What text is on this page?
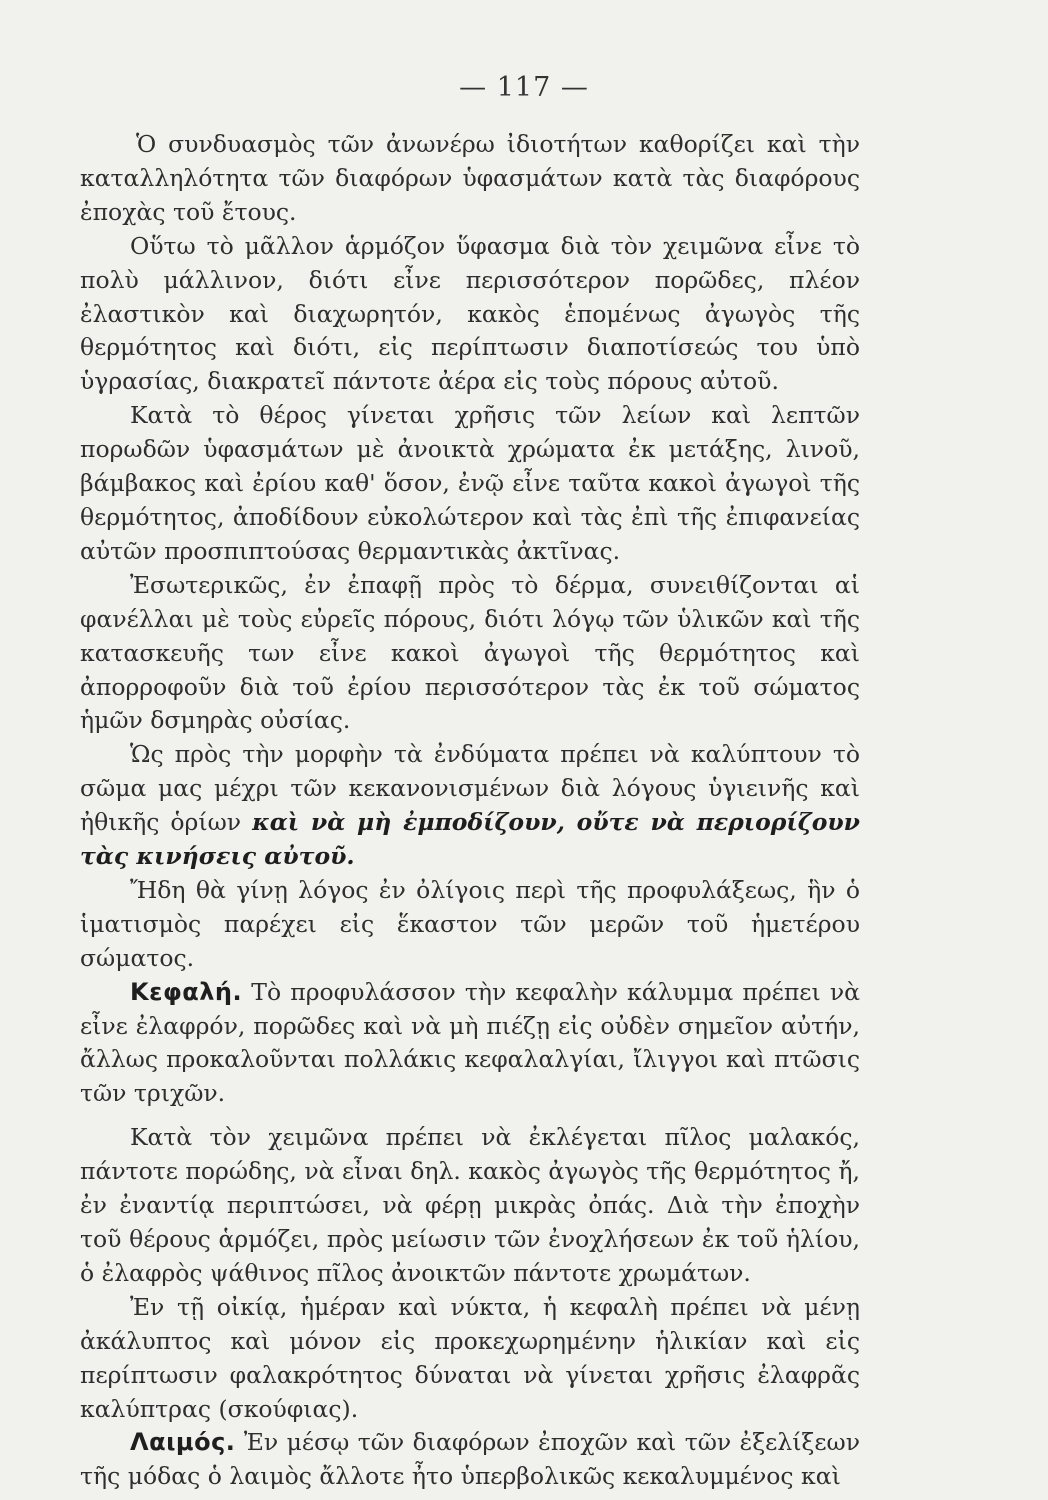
— 117 —

Ὁ συνδυασμὸς τῶν ἀνωνέρω ἰδιοτήτων καθορίζει καὶ τὴν καταλληλότητα τῶν διαφόρων ὑφασμάτων κατὰ τὰς διαφόρους ἐποχὰς τοῦ ἔτους.

Οὕτω τὸ μᾶλλον ἁρμόζον ὕφασμα διὰ τὸν χειμῶνα εἶνε τὸ πολὺ μάλλινον, διότι εἶνε περισσότερον πορῶδες, πλέον ἐλαστικὸν καὶ διαχωρητόν, κακὸς ἑπομένως ἀγωγὸς τῆς θερμότητος καὶ διότι, εἰς περίπτωσιν διαποτίσεώς του ὑπὸ ὑγρασίας, διακρατεῖ πάντοτε ἀέρα εἰς τοὺς πόρους αὐτοῦ.

Κατὰ τὸ θέρος γίνεται χρῆσις τῶν λείων καὶ λεπτῶν πορωδῶν ὑφασμάτων μὲ ἀνοικτὰ χρώματα ἐκ μετάξης, λινοῦ, βάμβακος καὶ ἐρίου καθ' ὅσον, ἐνῷ εἶνε ταῦτα κακοὶ ἀγωγοὶ τῆς θερμότητος, ἀποδίδουν εὐκολώτερον καὶ τὰς ἐπὶ τῆς ἐπιφανείας αὐτῶν προσπιπτούσας θερμαντικὰς ἀκτῖνας.

Ἐσωτερικῶς, ἐν ἐπαφῇ πρὸς τὸ δέρμα, συνειθίζονται αἱ φανέλλαι μὲ τοὺς εὐρεῖς πόρους, διότι λόγῳ τῶν ὑλικῶν καὶ τῆς κατασκευῆς των εἶνε κακοὶ ἀγωγοὶ τῆς θερμότητος καὶ ἀπορροφοῦν διὰ τοῦ ἐρίου περισσότερον τὰς ἐκ τοῦ σώματος ἡμῶν δσμηρὰς οὐσίας.

Ὡς πρὸς τὴν μορφὴν τὰ ἐνδύματα πρέπει νὰ καλύπτουν τὸ σῶμα μας μέχρι τῶν κεκανονισμένων διὰ λόγους ὑγιεινῆς καὶ ἠθικῆς ὁρίων καὶ νὰ μὴ ἐμποδίζουν, οὔτε νὰ περιορίζουν τὰς κινήσεις αὐτοῦ.

Ἤδη θὰ γίνῃ λόγος ἐν ὀλίγοις περὶ τῆς προφυλάξεως, ἣν ὁ ἱματισμὸς παρέχει εἰς ἕκαστον τῶν μερῶν τοῦ ἡμετέρου σώματος.

Κεφαλή. Τὸ προφυλάσσον τὴν κεφαλὴν κάλυμμα πρέπει νὰ εἶνε ἐλαφρόν, πορῶδες καὶ νὰ μὴ πιέζῃ εἰς οὐδὲν σημεῖον αὐτήν, ἄλλως προκαλοῦνται πολλάκις κεφαλαλγίαι, ἴλιγγοι καὶ πτῶσις τῶν τριχῶν.

Κατὰ τὸν χειμῶνα πρέπει νὰ ἐκλέγεται πῖλος μαλακός, πάντοτε πορώδης, νὰ εἶναι δηλ. κακὸς ἀγωγὸς τῆς θερμότητος ἤ, ἐν ἐναντίᾳ περιπτώσει, νὰ φέρῃ μικρὰς ὀπάς. Διὰ τὴν ἐποχὴν τοῦ θέρους ἁρμόζει, πρὸς μείωσιν τῶν ἐνοχλήσεων ἐκ τοῦ ἡλίου, ὁ ἐλαφρὸς ψάθινος πῖλος ἀνοικτῶν πάντοτε χρωμάτων.

Ἐν τῇ οἰκίᾳ, ἡμέραν καὶ νύκτα, ἡ κεφαλὴ πρέπει νὰ μένῃ ἀκάλυπτος καὶ μόνον εἰς προκεχωρημένην ἡλικίαν καὶ εἰς περίπτωσιν φαλακρότητος δύναται νὰ γίνεται χρῆσις ἐλαφρᾶς καλύπτρας (σκούφιας).

Λαιμός. Ἐν μέσῳ τῶν διαφόρων ἐποχῶν καὶ τῶν ἐξελίξεων τῆς μόδας ὁ λαιμὸς ἄλλοτε ἦτο ὑπερβολικῶς κεκαλυμμένος καὶ
